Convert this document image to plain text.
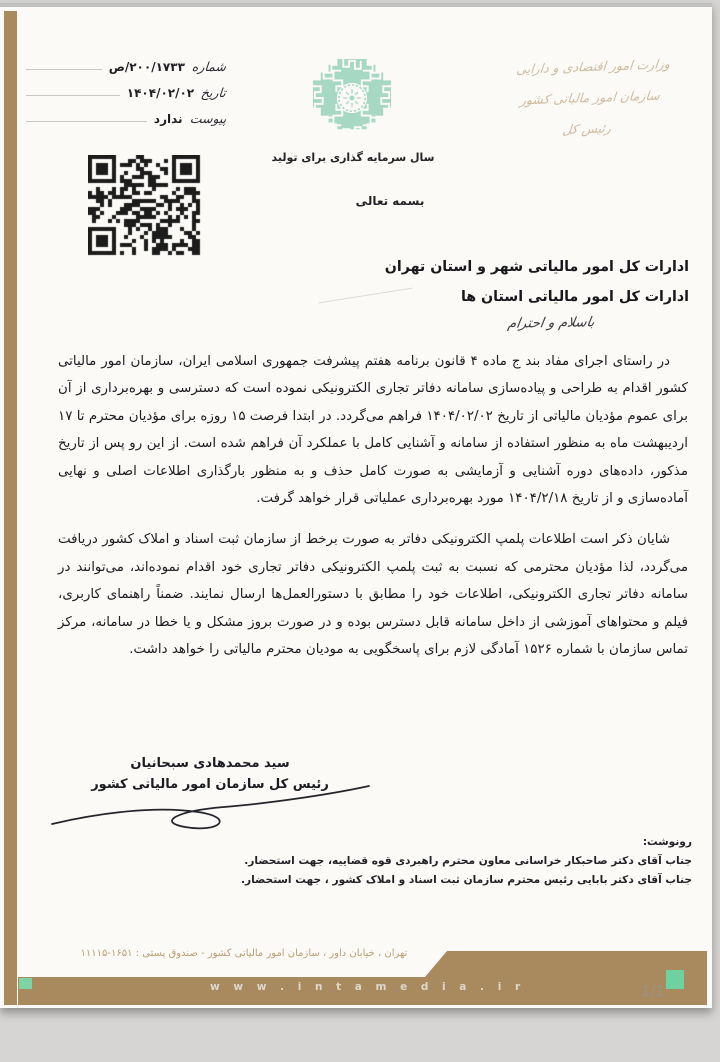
شماره
۲۰۰/۱۷۳۳/ص
تاریخ
۱۴۰۴/۰۲/۰۲
پیوست
ندارد
وزارت امور اقتصادی و دارایی
سازمان امور مالیاتی کشور
رئیس کل
سال سرمایه گذاری برای تولید
بسمه تعالی
ادارات کل امور مالیاتی شهر و استان تهران
ادارات کل امور مالیاتی استان ها
باسلام و احترام

در راستای اجرای مفاد بند ج ماده ۴ قانون برنامه هفتم پیشرفت جمهوری اسلامی ایران، سازمان امور مالیاتی کشور اقدام به طراحی و پیاده‌سازی سامانه دفاتر تجاری الکترونیکی نموده است که دسترسی و بهره‌برداری از آن برای عموم مؤدیان مالیاتی از تاریخ ۱۴۰۴/۰۲/۰۲ فراهم می‌گردد. در ابتدا فرصت ۱۵ روزه برای مؤدیان محترم تا ۱۷ اردیبهشت ماه به منظور استفاده از سامانه و آشنایی کامل با عملکرد آن فراهم شده است. از این رو پس از تاریخ مذکور، داده‌های دوره آشنایی و آزمایشی به صورت کامل حذف و به منظور بارگذاری اطلاعات اصلی و نهایی آماده‌سازی و از تاریخ ۱۴۰۴/۲/۱۸ مورد بهره‌برداری عملیاتی قرار خواهد گرفت.

شایان ذکر است اطلاعات پلمپ الکترونیکی دفاتر به صورت برخط از سازمان ثبت اسناد و املاک کشور دریافت می‌گردد، لذا مؤدیان محترمی که نسبت به ثبت پلمپ الکترونیکی دفاتر تجاری خود اقدام نموده‌اند، می‌توانند در سامانه دفاتر تجاری الکترونیکی، اطلاعات خود را مطابق با دستورالعمل‌ها ارسال نمایند. ضمناً راهنمای کاربری، فیلم و محتواهای آموزشی از داخل سامانه قابل دسترس بوده و در صورت بروز مشکل و یا خطا در سامانه، مرکز تماس سازمان با شماره ۱۵۲۶ آمادگی لازم برای پاسخگویی به مودیان محترم مالیاتی را خواهد داشت.

سید محمدهادی سبحانیان
رئیس کل سازمان امور مالیاتی کشور
رونوشت:
جناب آقای دکتر صاحبکار خراسانی معاون محترم راهبردی قوه قضاییه، جهت استحضار.
جناب آقای دکتر بابایی رئیس محترم سازمان ثبت اسناد و املاک کشور ، جهت استحضار.
تهران ، خیابان داور ، سازمان امور مالیاتی کشور - صندوق پستی : ۱۱۱۱۵-۱۶۵۱
w w w . i n t a m e d i a . i r	1/1
